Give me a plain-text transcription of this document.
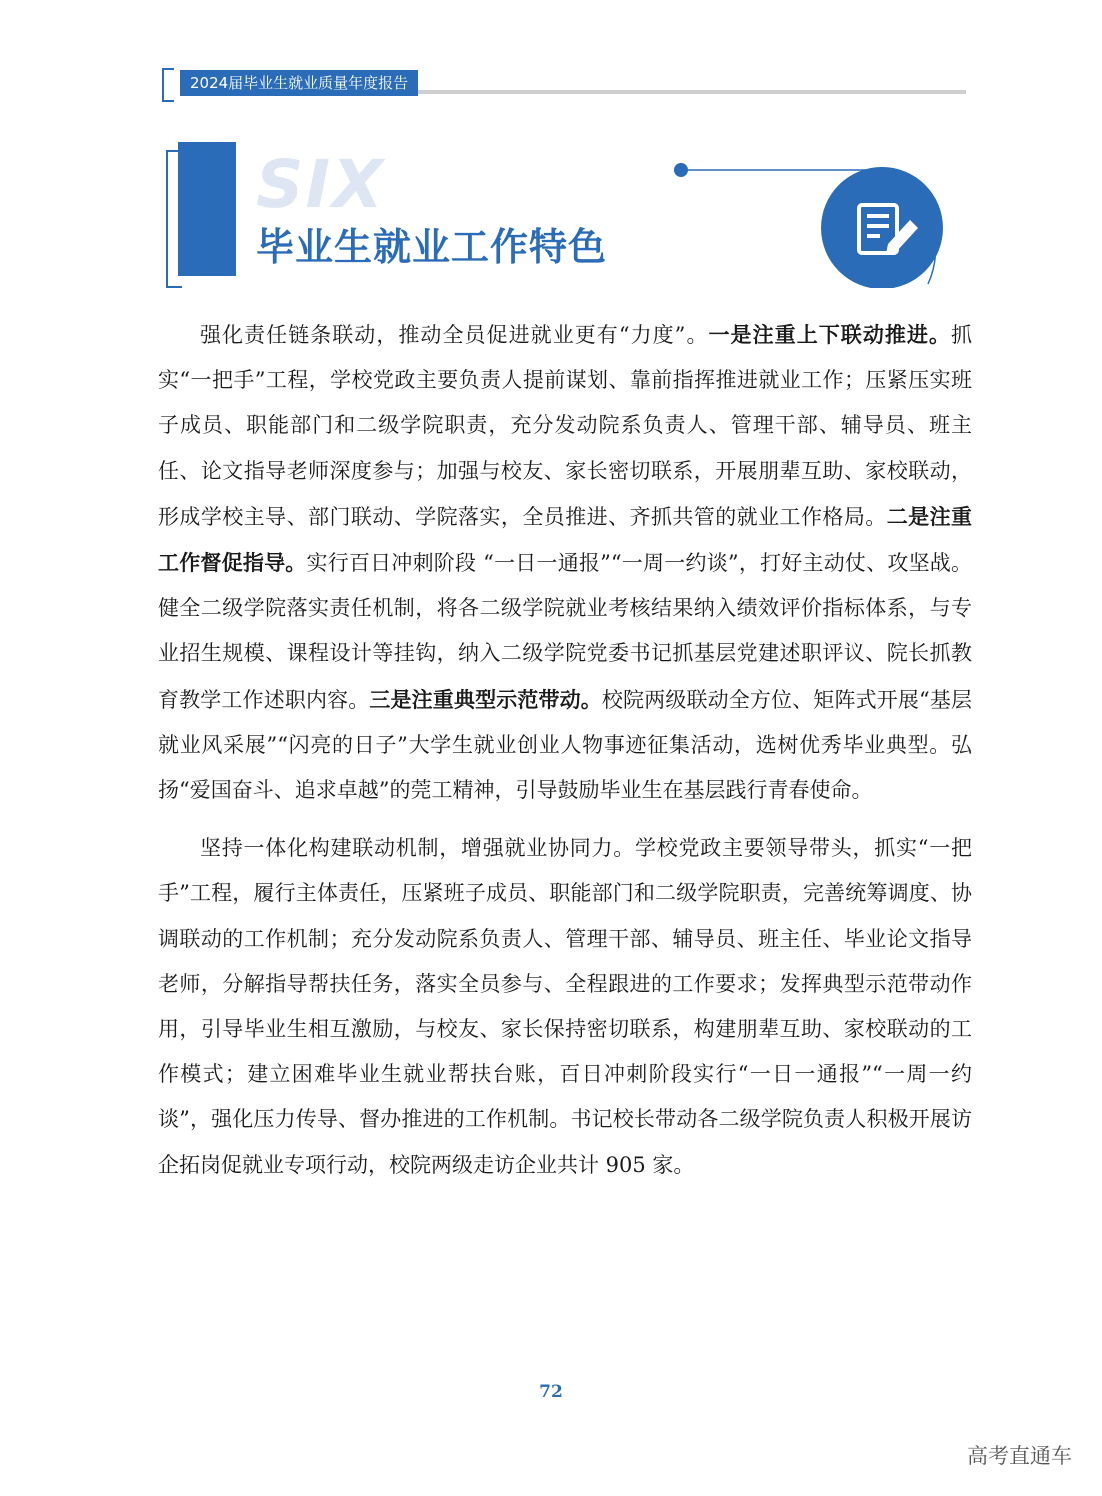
2024届毕业生就业质量年度报告
SIX
毕业生就业工作特色

强化责任链条联动，推动全员促进就业更有“力度”。一是注重上下联动推进。抓实“一把手”工程，学校党政主要负责人提前谋划、靠前指挥推进就业工作；压紧压实班子成员、职能部门和二级学院职责，充分发动院系负责人、管理干部、辅导员、班主任、论文指导老师深度参与；加强与校友、家长密切联系，开展朋辈互助、家校联动，形成学校主导、部门联动、学院落实，全员推进、齐抓共管的就业工作格局。二是注重工作督促指导。实行百日冲刺阶段 “一日一通报”“一周一约谈”，打好主动仗、攻坚战。健全二级学院落实责任机制，将各二级学院就业考核结果纳入绩效评价指标体系，与专业招生规模、课程设计等挂钩，纳入二级学院党委书记抓基层党建述职评议、院长抓教育教学工作述职内容。三是注重典型示范带动。校院两级联动全方位、矩阵式开展“基层就业风采展”“闪亮的日子”大学生就业创业人物事迹征集活动，选树优秀毕业典型。弘扬“爱国奋斗、追求卓越”的莞工精神，引导鼓励毕业生在基层践行青春使命。

坚持一体化构建联动机制，增强就业协同力。学校党政主要领导带头，抓实“一把手”工程，履行主体责任，压紧班子成员、职能部门和二级学院职责，完善统筹调度、协调联动的工作机制；充分发动院系负责人、管理干部、辅导员、班主任、毕业论文指导老师，分解指导帮扶任务，落实全员参与、全程跟进的工作要求；发挥典型示范带动作用，引导毕业生相互激励，与校友、家长保持密切联系，构建朋辈互助、家校联动的工作模式；建立困难毕业生就业帮扶台账，百日冲刺阶段实行“一日一通报”“一周一约谈”，强化压力传导、督办推进的工作机制。书记校长带动各二级学院负责人积极开展访企拓岗促就业专项行动，校院两级走访企业共计 905 家。

72
高考直通车
